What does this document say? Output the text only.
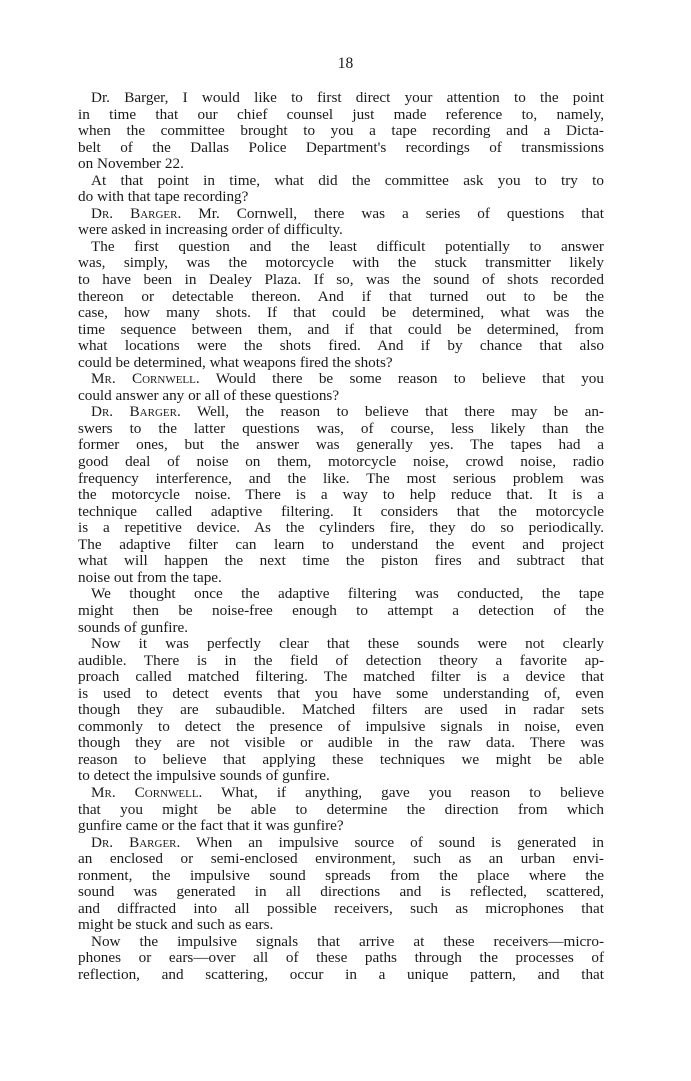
18
Dr. Barger, I would like to first direct your attention to the point
in time that our chief counsel just made reference to, namely,
when the committee brought to you a tape recording and a Dicta-
belt of the Dallas Police Department's recordings of transmissions
on November 22.
At that point in time, what did the committee ask you to try to
do with that tape recording?
Dr. Barger. Mr. Cornwell, there was a series of questions that
were asked in increasing order of difficulty.
The first question and the least difficult potentially to answer
was, simply, was the motorcycle with the stuck transmitter likely
to have been in Dealey Plaza. If so, was the sound of shots recorded
thereon or detectable thereon. And if that turned out to be the
case, how many shots. If that could be determined, what was the
time sequence between them, and if that could be determined, from
what locations were the shots fired. And if by chance that also
could be determined, what weapons fired the shots?
Mr. Cornwell. Would there be some reason to believe that you
could answer any or all of these questions?
Dr. Barger. Well, the reason to believe that there may be an-
swers to the latter questions was, of course, less likely than the
former ones, but the answer was generally yes. The tapes had a
good deal of noise on them, motorcycle noise, crowd noise, radio
frequency interference, and the like. The most serious problem was
the motorcycle noise. There is a way to help reduce that. It is a
technique called adaptive filtering. It considers that the motorcycle
is a repetitive device. As the cylinders fire, they do so periodically.
The adaptive filter can learn to understand the event and project
what will happen the next time the piston fires and subtract that
noise out from the tape.
We thought once the adaptive filtering was conducted, the tape
might then be noise-free enough to attempt a detection of the
sounds of gunfire.
Now it was perfectly clear that these sounds were not clearly
audible. There is in the field of detection theory a favorite ap-
proach called matched filtering. The matched filter is a device that
is used to detect events that you have some understanding of, even
though they are subaudible. Matched filters are used in radar sets
commonly to detect the presence of impulsive signals in noise, even
though they are not visible or audible in the raw data. There was
reason to believe that applying these techniques we might be able
to detect the impulsive sounds of gunfire.
Mr. Cornwell. What, if anything, gave you reason to believe
that you might be able to determine the direction from which
gunfire came or the fact that it was gunfire?
Dr. Barger. When an impulsive source of sound is generated in
an enclosed or semi-enclosed environment, such as an urban envi-
ronment, the impulsive sound spreads from the place where the
sound was generated in all directions and is reflected, scattered,
and diffracted into all possible receivers, such as microphones that
might be stuck and such as ears.
Now the impulsive signals that arrive at these receivers—micro-
phones or ears—over all of these paths through the processes of
reflection, and scattering, occur in a unique pattern, and that
